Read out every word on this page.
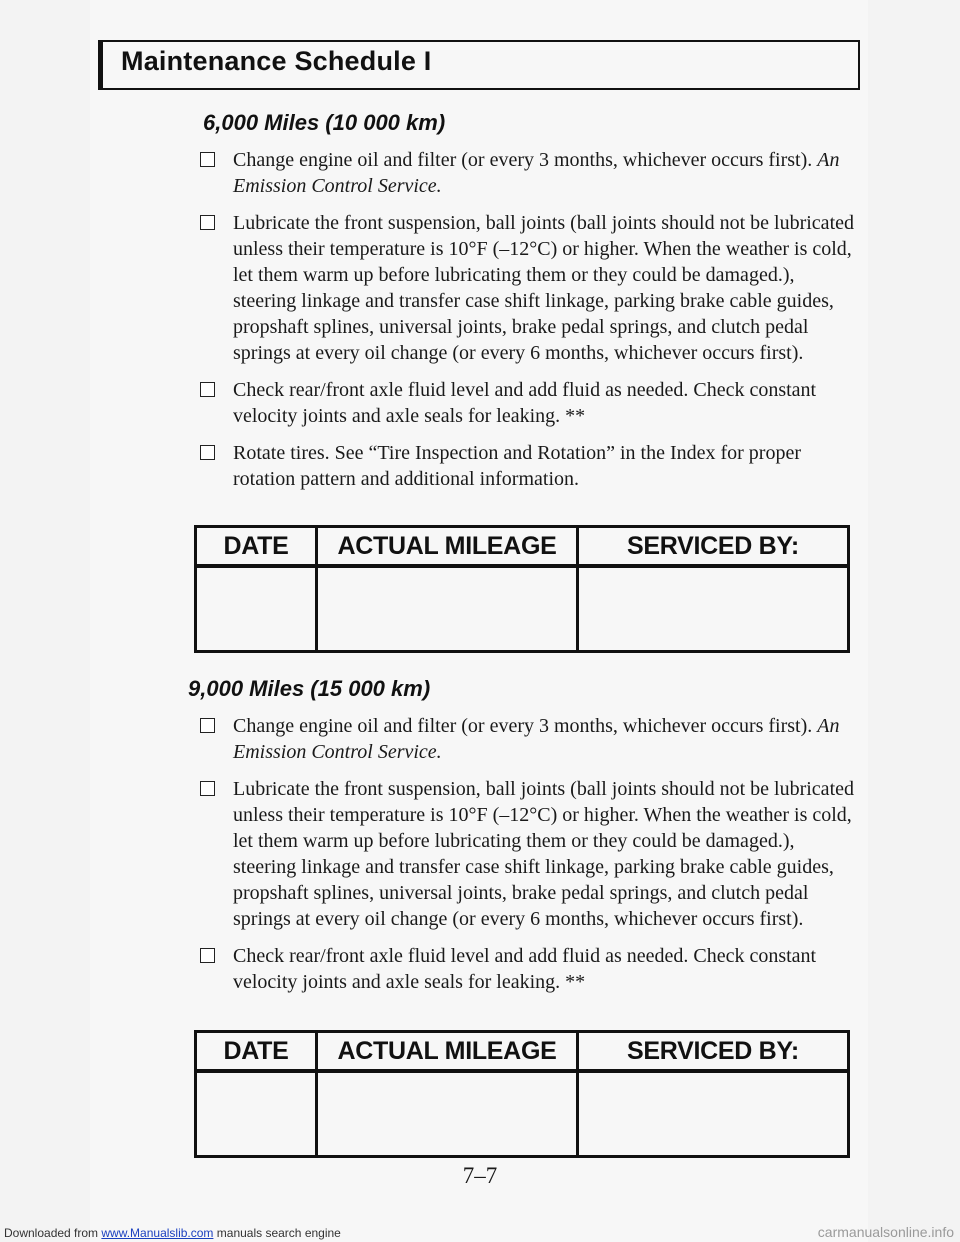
Maintenance Schedule I
6,000 Miles (10 000 km)
Change engine oil and filter (or every 3 months, whichever occurs first). An Emission Control Service.
Lubricate the front suspension, ball joints (ball joints should not be lubricated unless their temperature is 10°F (–12°C) or higher. When the weather is cold, let them warm up before lubricating them or they could be damaged.), steering linkage and transfer case shift linkage, parking brake cable guides, propshaft splines, universal joints, brake pedal springs, and clutch pedal springs at every oil change (or every 6 months, whichever occurs first).
Check rear/front axle fluid level and add fluid as needed. Check constant velocity joints and axle seals for leaking. **
Rotate tires. See “Tire Inspection and Rotation” in the Index for proper rotation pattern and additional information.
DATE	ACTUAL MILEAGE	SERVICED BY:

9,000 Miles (15 000 km)
Change engine oil and filter (or every 3 months, whichever occurs first). An Emission Control Service.
Lubricate the front suspension, ball joints (ball joints should not be lubricated unless their temperature is 10°F (–12°C) or higher. When the weather is cold, let them warm up before lubricating them or they could be damaged.), steering linkage and transfer case shift linkage, parking brake cable guides, propshaft splines, universal joints, brake pedal springs, and clutch pedal springs at every oil change (or every 6 months, whichever occurs first).
Check rear/front axle fluid level and add fluid as needed. Check constant velocity joints and axle seals for leaking. **
DATE	ACTUAL MILEAGE	SERVICED BY:

7–7
Downloaded from www.Manualslib.com manuals search engine	carmanualsonline.info
